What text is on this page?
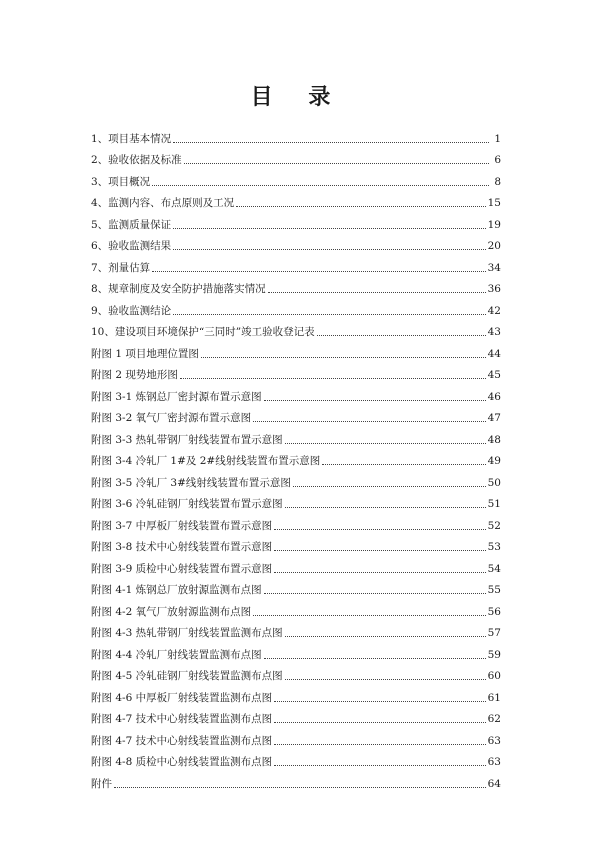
目 录
1、项目基本情况	1
2、验收依据及标准	6
3、项目概况	8
4、监测内容、布点原则及工况	15
5、监测质量保证	19
6、验收监测结果	20
7、剂量估算	34
8、规章制度及安全防护措施落实情况	36
9、验收监测结论	42
10、建设项目环境保护“三同时”竣工验收登记表	43
附图 1 项目地理位置图	44
附图 2 现势地形图	45
附图 3-1 炼钢总厂密封源布置示意图	46
附图 3-2 氧气厂密封源布置示意图	47
附图 3-3 热轧带钢厂射线装置布置示意图	48
附图 3-4 冷轧厂 1#及 2#线射线装置布置示意图	49
附图 3-5 冷轧厂 3#线射线装置布置示意图	50
附图 3-6 冷轧硅钢厂射线装置布置示意图	51
附图 3-7 中厚板厂射线装置布置示意图	52
附图 3-8 技术中心射线装置布置示意图	53
附图 3-9 质检中心射线装置布置示意图	54
附图 4-1 炼钢总厂放射源监测布点图	55
附图 4-2 氧气厂放射源监测布点图	56
附图 4-3 热轧带钢厂射线装置监测布点图	57
附图 4-4 冷轧厂射线装置监测布点图	59
附图 4-5 冷轧硅钢厂射线装置监测布点图	60
附图 4-6 中厚板厂射线装置监测布点图	61
附图 4-7 技术中心射线装置监测布点图	62
附图 4-7 技术中心射线装置监测布点图	63
附图 4-8 质检中心射线装置监测布点图	63
附件	64
